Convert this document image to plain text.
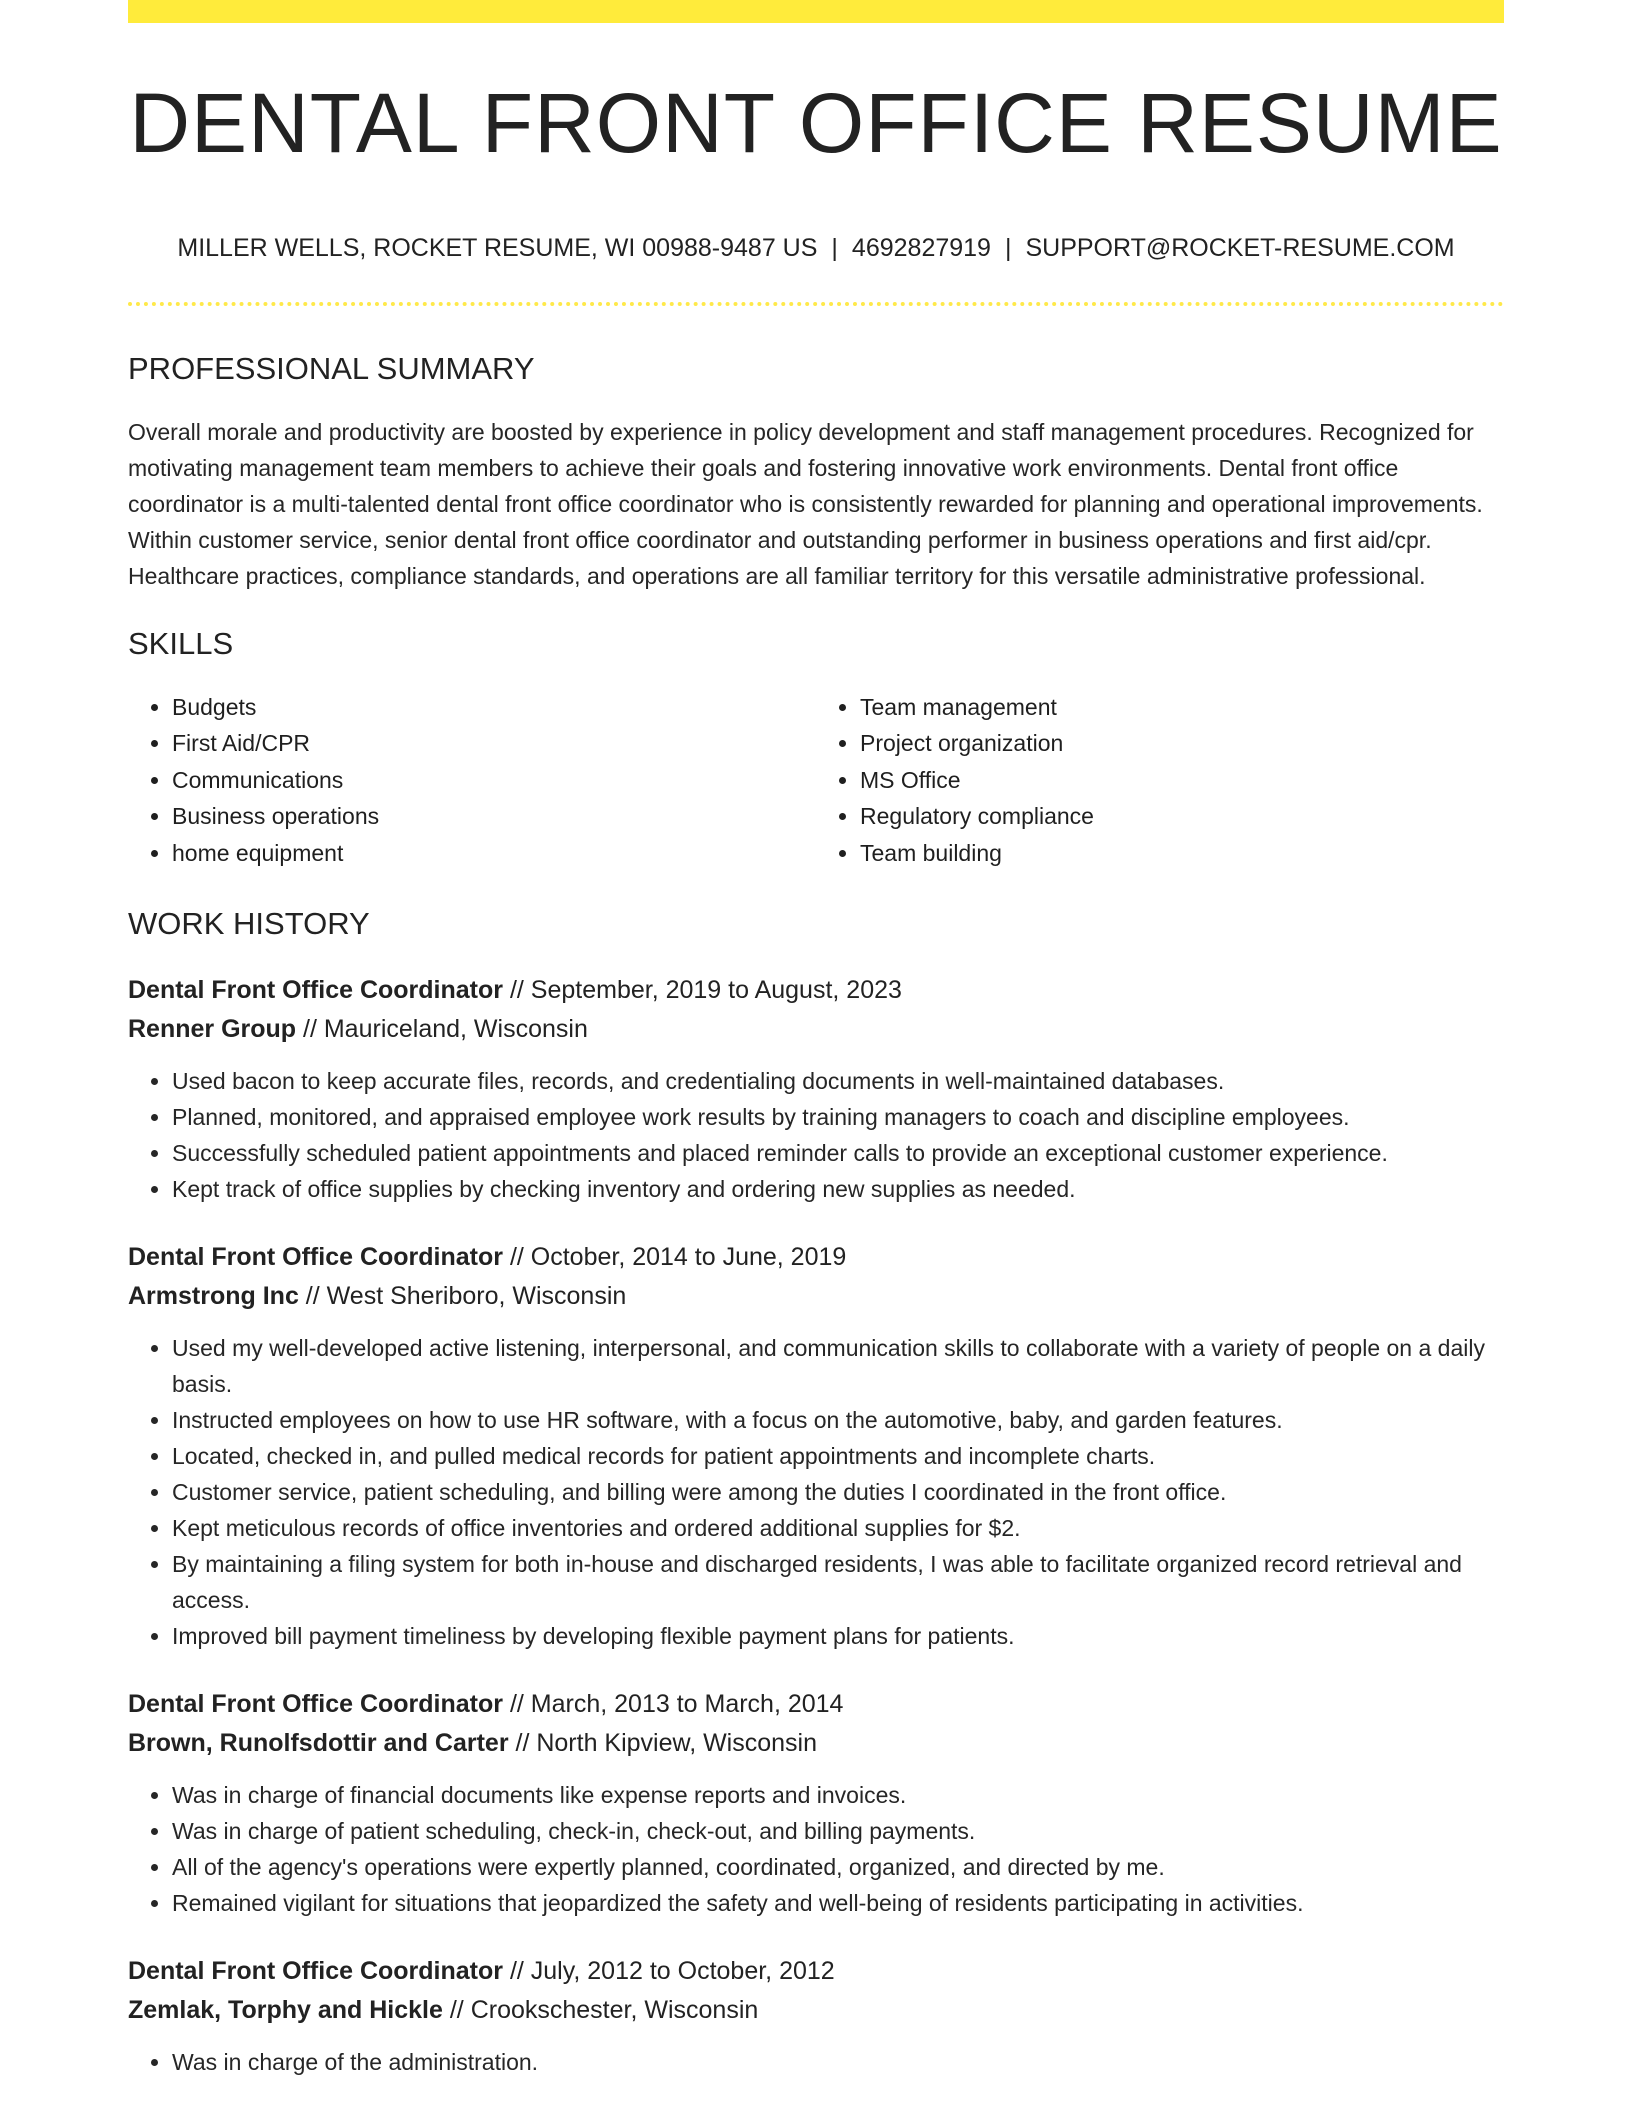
DENTAL FRONT OFFICE RESUME
MILLER WELLS, ROCKET RESUME, WI 00988-9487 US | 4692827919 | SUPPORT@ROCKET-RESUME.COM
PROFESSIONAL SUMMARY

Overall morale and productivity are boosted by experience in policy development and staff management procedures. Recognized for motivating management team members to achieve their goals and fostering innovative work environments. Dental front office coordinator is a multi-talented dental front office coordinator who is consistently rewarded for planning and operational improvements. Within customer service, senior dental front office coordinator and outstanding performer in business operations and first aid/cpr. Healthcare practices, compliance standards, and operations are all familiar territory for this versatile administrative professional.

SKILLS
• Budgets
• First Aid/CPR
• Communications
• Business operations
• home equipment
• Team management
• Project organization
• MS Office
• Regulatory compliance
• Team building
WORK HISTORY
Dental Front Office Coordinator // September, 2019 to August, 2023
Renner Group // Mauriceland, Wisconsin
• Used bacon to keep accurate files, records, and credentialing documents in well-maintained databases.
• Planned, monitored, and appraised employee work results by training managers to coach and discipline employees.
• Successfully scheduled patient appointments and placed reminder calls to provide an exceptional customer experience.
• Kept track of office supplies by checking inventory and ordering new supplies as needed.
Dental Front Office Coordinator // October, 2014 to June, 2019
Armstrong Inc // West Sheriboro, Wisconsin
• Used my well-developed active listening, interpersonal, and communication skills to collaborate with a variety of people on a daily basis.
• Instructed employees on how to use HR software, with a focus on the automotive, baby, and garden features.
• Located, checked in, and pulled medical records for patient appointments and incomplete charts.
• Customer service, patient scheduling, and billing were among the duties I coordinated in the front office.
• Kept meticulous records of office inventories and ordered additional supplies for $2.
• By maintaining a filing system for both in-house and discharged residents, I was able to facilitate organized record retrieval and access.
• Improved bill payment timeliness by developing flexible payment plans for patients.
Dental Front Office Coordinator // March, 2013 to March, 2014
Brown, Runolfsdottir and Carter // North Kipview, Wisconsin
• Was in charge of financial documents like expense reports and invoices.
• Was in charge of patient scheduling, check-in, check-out, and billing payments.
• All of the agency's operations were expertly planned, coordinated, organized, and directed by me.
• Remained vigilant for situations that jeopardized the safety and well-being of residents participating in activities.
Dental Front Office Coordinator // July, 2012 to October, 2012
Zemlak, Torphy and Hickle // Crookschester, Wisconsin
• Was in charge of the administration.
